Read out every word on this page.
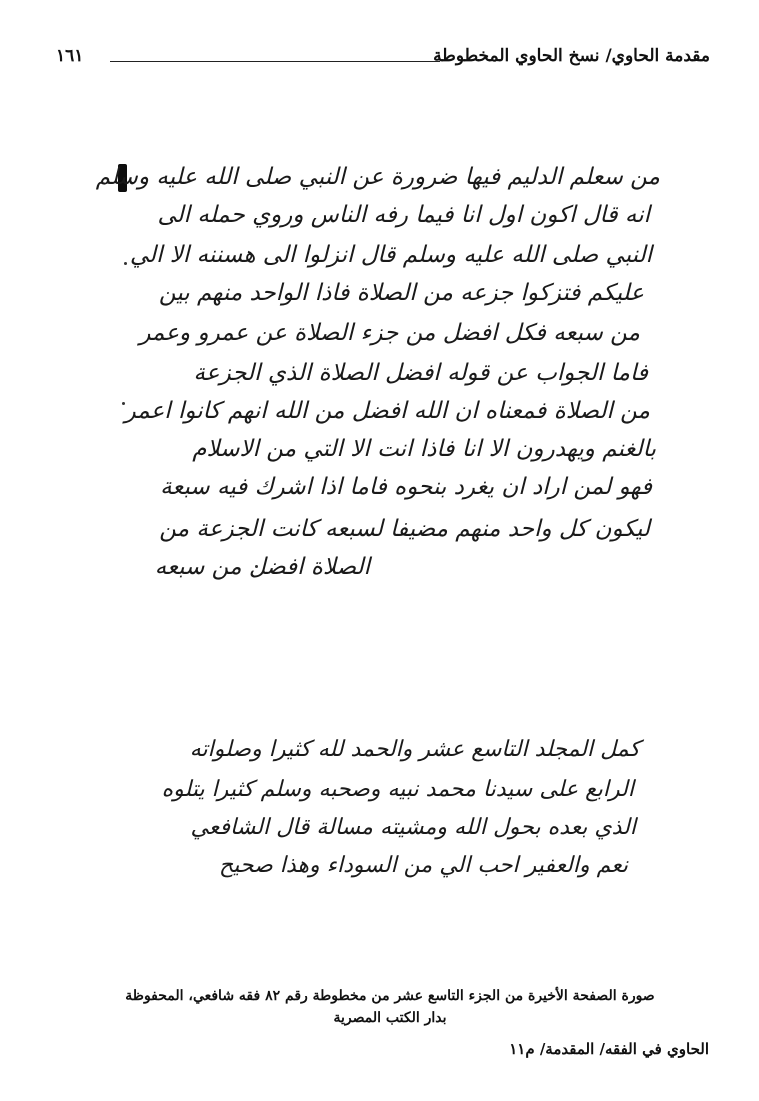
مقدمة الحاوي/ نسخ الحاوي المخطوطة
١٦١
من سعلم الدليم فيها ضرورة عن النبي صلى الله عليه وسلم
انه قال اكون اول انا فيما رفه الناس وروي حمله الى
النبي صلى الله عليه وسلم قال انزلوا الى هسننه الا الي
عليكم فتزكوا جزعه من الصلاة فاذا الواحد منهم بين
من سبعه فكل افضل من جزء الصلاة عن عمرو وعمر
فاما الجواب عن قوله افضل الصلاة الذي الجزعة
من الصلاة فمعناه ان الله افضل من الله انهم كانوا اعمر
بالغنم ويهدرون الا انا فاذا انت الا التي من الاسلام
فهو لمن اراد ان يغرد بنحوه فاما اذا اشرك فيه سبعة
ليكون كل واحد منهم مضيفا لسبعه كانت الجزعة من
الصلاة افضل من سبعه
كمل المجلد التاسع عشر والحمد لله كثيرا وصلواته
الرابع على سيدنا محمد نبيه وصحبه وسلم كثيرا يتلوه
الذي بعده بحول الله ومشيته مسالة قال الشافعي
نعم والعفير احب الي من السوداء وهذا صحيح
صورة الصفحة الأخيرة من الجزء التاسع عشر من مخطوطة رقم ٨٢ فقه شافعي، المحفوظة
بدار الكتب المصرية
الحاوي في الفقه/ المقدمة/ م١١
